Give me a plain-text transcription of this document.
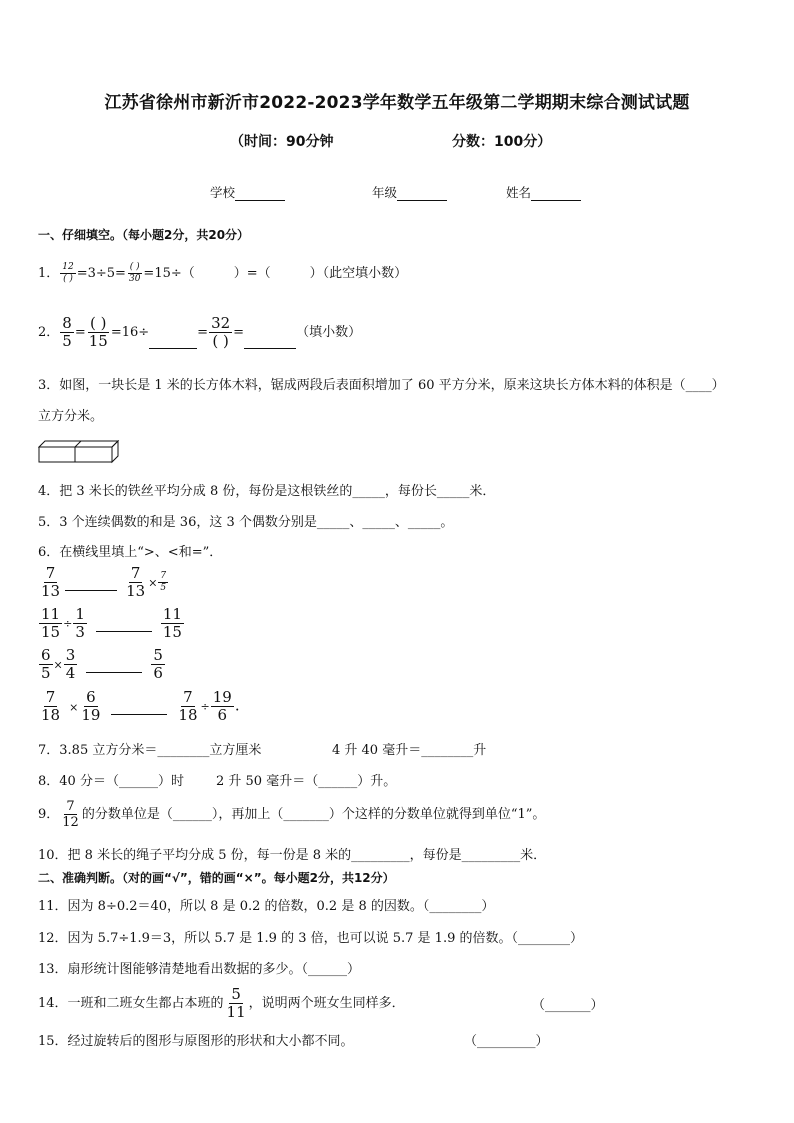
江苏省徐州市新沂市2022-2023学年数学五年级第二学期期末综合测试试题
（时间：90分钟	分数：100分）
学校	年级	姓名
一、仔细填空。（每小题2分，共20分）
1． $\frac{12}{( )} =3\div 5= \frac{( )}{30} =15\div$（　　　）=（　　　）（此空填小数）
2． $\frac{8}{5} = \frac{( )}{15} =16\div$	= $\frac{32}{( )}$ =	（填小数）
3．如图，一块长是 1 米的长方体木料，锯成两段后表面积增加了 60 平方分米，原来这块长方体木料的体积是（____）
立方分米。
4．把 3 米长的铁丝平均分成 8 份，每份是这根铁丝的_____，每份长_____米．
5．3 个连续偶数的和是 36，这 3 个偶数分别是_____、_____、_____。
6．在横线里填上“>、<和=”．
$\frac{7}{13}$	$\frac{7}{13} \times \frac{7}{5}$
$\frac{11}{15} \div \frac{1}{3}$	$\frac{11}{15}$
$\frac{6}{5} \times \frac{3}{4}$	$\frac{5}{6}$
$\frac{7}{18} \times \frac{6}{19}$	$\frac{7}{18} \div \frac{19}{6}$ .
7．3.85 立方分米＝________立方厘米	4 升 40 毫升＝________升
8．40 分＝（______）时 2 升 50 毫升＝（______）升。
9． $\frac{7}{12}$ 的分数单位是（______），再加上（_______）个这样的分数单位就得到单位“1”。
10．把 8 米长的绳子平均分成 5 份，每一份是 8 米的_________，每份是_________米．
二、准确判断。（对的画“√”，错的画“×”。每小题2分，共12分）
11．因为 8÷0.2＝40，所以 8 是 0.2 的倍数，0.2 是 8 的因数。（________）
12．因为 5.7÷1.9＝3，所以 5.7 是 1.9 的 3 倍，也可以说 5.7 是 1.9 的倍数。（________）
13．扇形统计图能够清楚地看出数据的多少。（______）
14．一班和二班女生都占本班的 $\frac{5}{11}$ ，说明两个班女生同样多．	（_______）
15．经过旋转后的图形与原图形的形状和大小都不同。	（_________）
